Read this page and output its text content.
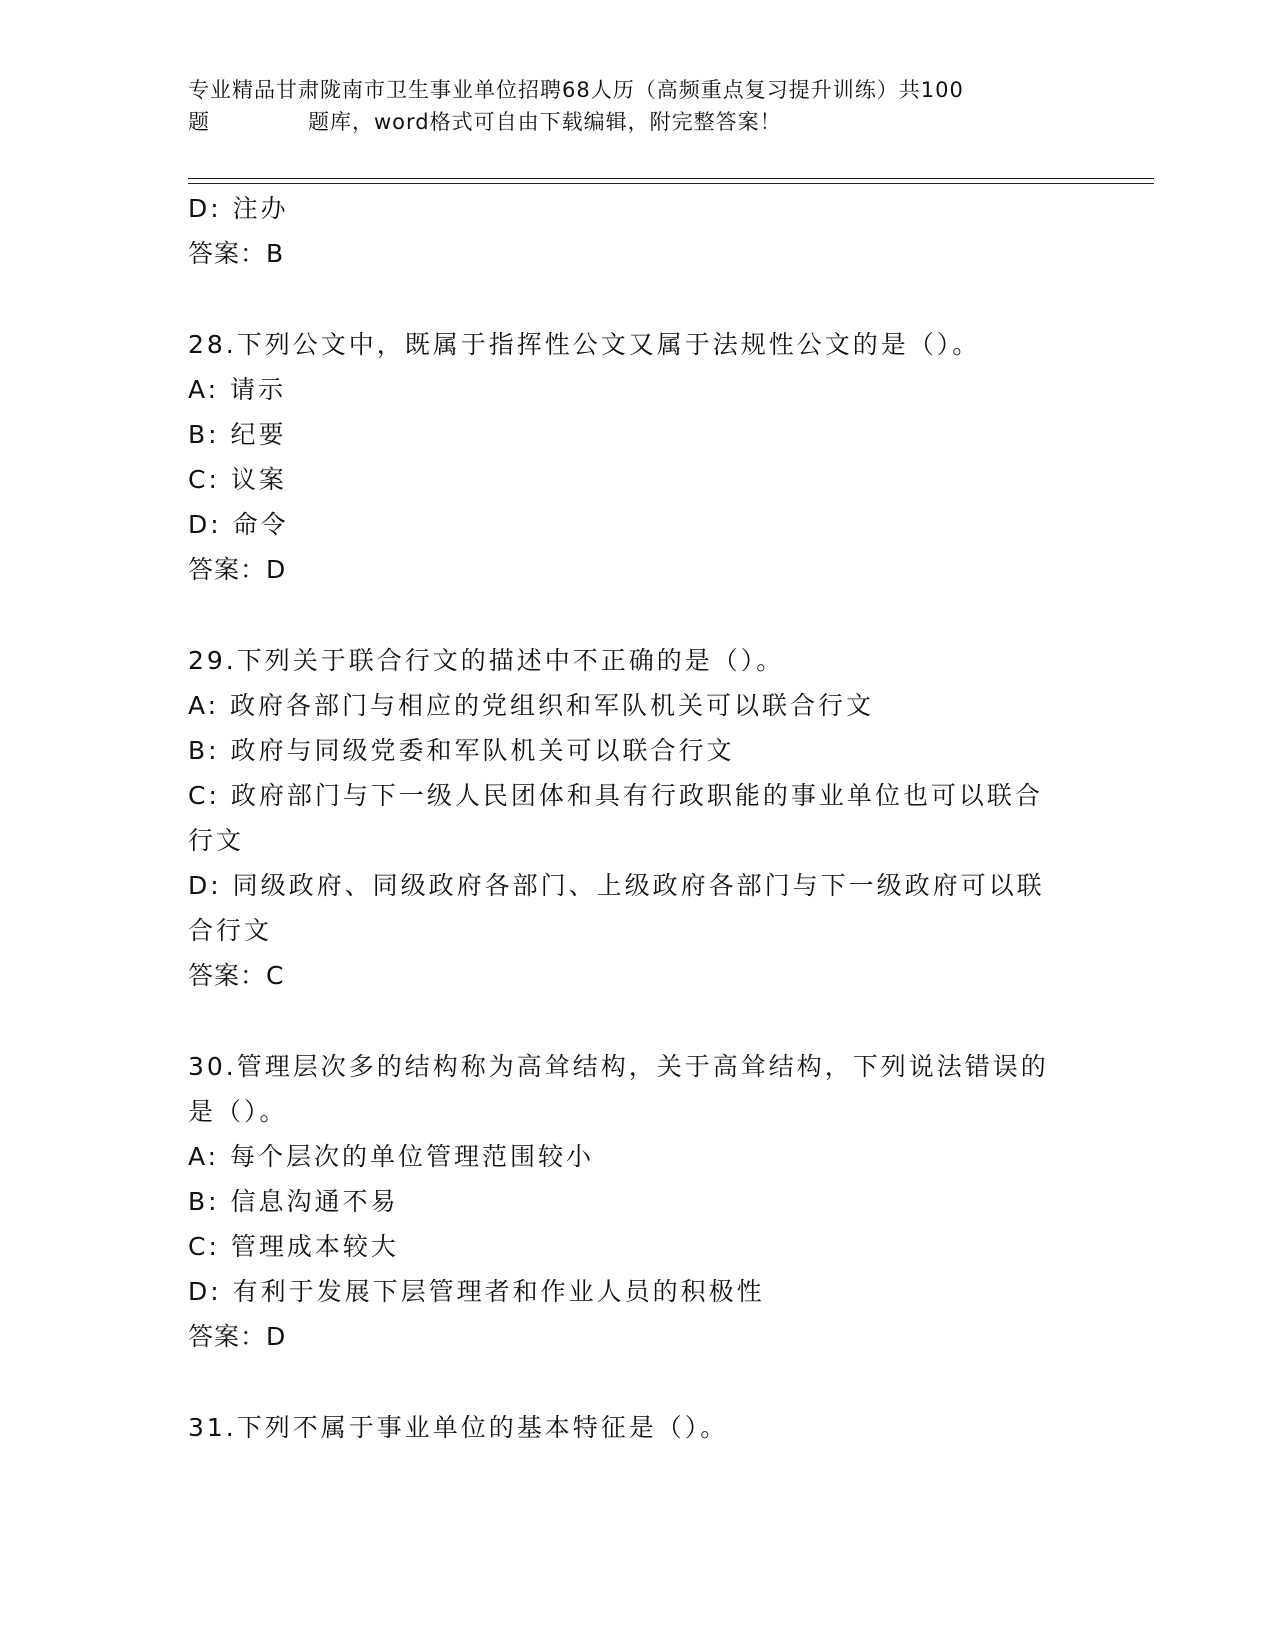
专业精品甘肃陇南市卫生事业单位招聘68人历（高频重点复习提升训练）共100
题	题库，word格式可自由下载编辑，附完整答案！

D: 注办

答案：B

28.下列公文中，既属于指挥性公文又属于法规性公文的是（）。

A: 请示

B: 纪要

C: 议案

D: 命令

答案：D

29.下列关于联合行文的描述中不正确的是（）。

A: 政府各部门与相应的党组织和军队机关可以联合行文

B: 政府与同级党委和军队机关可以联合行文

C: 政府部门与下一级人民团体和具有行政职能的事业单位也可以联合行文

D: 同级政府、同级政府各部门、上级政府各部门与下一级政府可以联合行文

答案：C

30.管理层次多的结构称为高耸结构，关于高耸结构，下列说法错误的是（）。

A: 每个层次的单位管理范围较小

B: 信息沟通不易

C: 管理成本较大

D: 有利于发展下层管理者和作业人员的积极性

答案：D

31.下列不属于事业单位的基本特征是（）。
